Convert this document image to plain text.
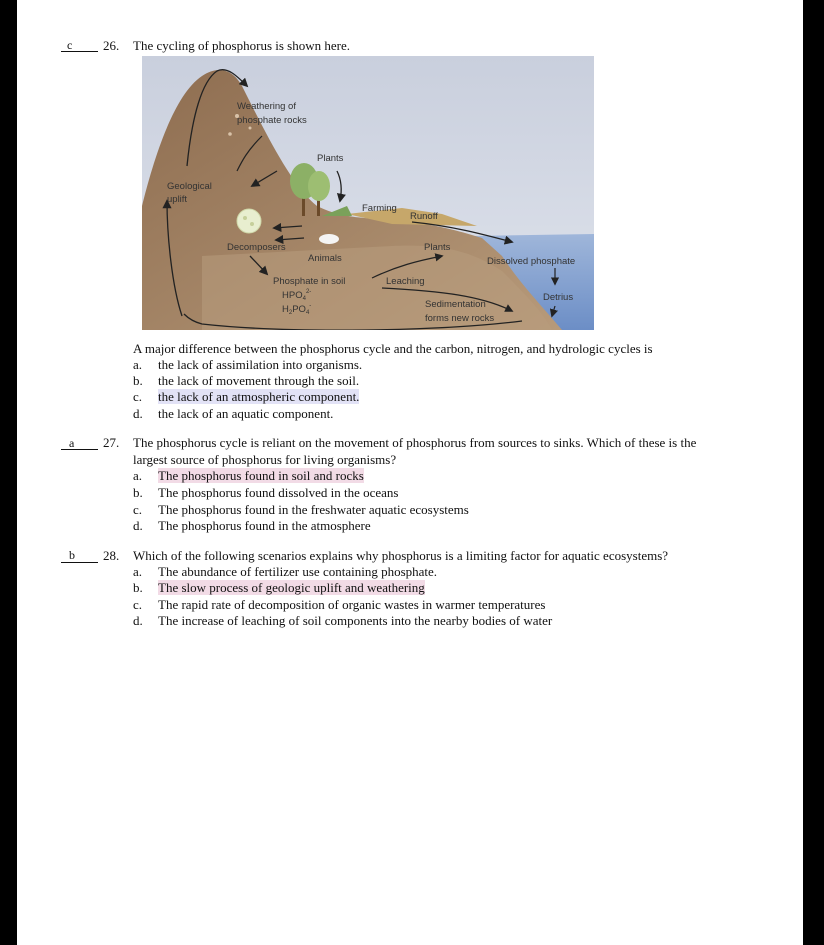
c 26. The cycling of phosphorus is shown here.
Weathering of
phosphate rocks
Plants
Geological
uplift
Farming
Runoff
Decomposers
Animals
Plants
Dissolved phosphate
Phosphate in soil
$HPO_4^{2-}$
$H_2PO_4^-$
Leaching
Detrius
Sedimentation
forms new rocks
A major difference between the phosphorus cycle and the carbon, nitrogen, and hydrologic cycles is
a. the lack of assimilation into organisms.
b. the lack of movement through the soil.
c. the lack of an atmospheric component.
d. the lack of an aquatic component.
a 27. The phosphorus cycle is reliant on the movement of phosphorus from sources to sinks. Which of these is the
largest source of phosphorus for living organisms?
a. The phosphorus found in soil and rocks
b. The phosphorus found dissolved in the oceans
c. The phosphorus found in the freshwater aquatic ecosystems
d. The phosphorus found in the atmosphere
b 28. Which of the following scenarios explains why phosphorus is a limiting factor for aquatic ecosystems?
a. The abundance of fertilizer use containing phosphate.
b. The slow process of geologic uplift and weathering
c. The rapid rate of decomposition of organic wastes in warmer temperatures
d. The increase of leaching of soil components into the nearby bodies of water
